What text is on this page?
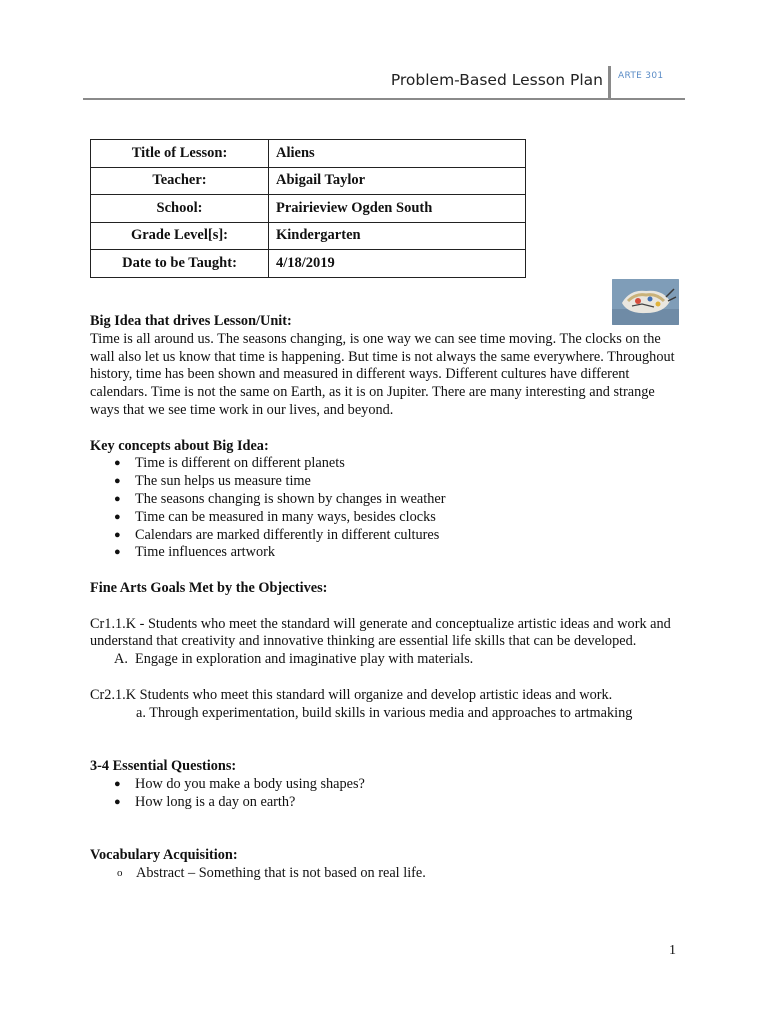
Problem-Based Lesson Plan ARTE 301
Title of Lesson:	Aliens
Teacher:	Abigail Taylor
School:	Prairieview Ogden South
Grade Level[s]:	Kindergarten
Date to be Taught:	4/18/2019

Big Idea that drives Lesson/Unit:

Time is all around us. The seasons changing, is one way we can see time moving. The clocks on the wall also let us know that time is happening. But time is not always the same everywhere. Throughout history, time has been shown and measured in different ways. Different cultures have different calendars. Time is not the same on Earth, as it is on Jupiter. There are many interesting and strange ways that we see time work in our lives, and beyond.

Key concepts about Big Idea:

● Time is different on different planets
● The sun helps us measure time
● The seasons changing is shown by changes in weather
● Time can be measured in many ways, besides clocks
● Calendars are marked differently in different cultures
● Time influences artwork

Fine Arts Goals Met by the Objectives:

Cr1.1.K - Students who meet the standard will generate and conceptualize artistic ideas and work and understand that creativity and innovative thinking are essential life skills that can be developed.

A. Engage in exploration and imaginative play with materials.

Cr2.1.K Students who meet this standard will organize and develop artistic ideas and work.

a. Through experimentation, build skills in various media and approaches to artmaking

3-4 Essential Questions:

● How do you make a body using shapes?
● How long is a day on earth?

Vocabulary Acquisition:

o Abstract – Something that is not based on real life.
1
